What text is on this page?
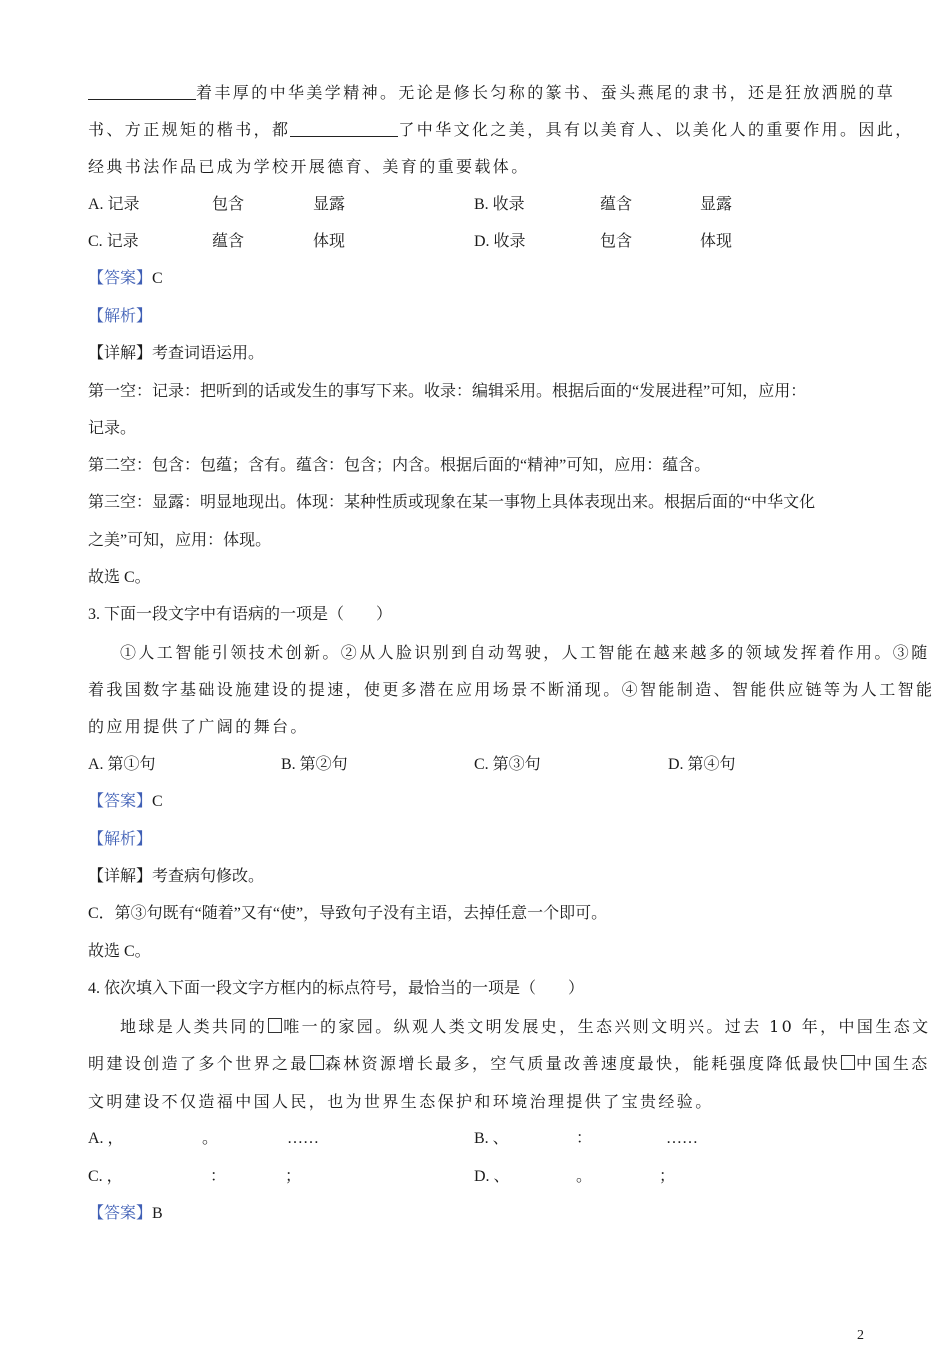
着丰厚的中华美学精神。无论是修长匀称的篆书、蚕头燕尾的隶书，还是狂放洒脱的草
书、方正规矩的楷书，都	了中华文化之美，具有以美育人、以美化人的重要作用。因此，
经典书法作品已成为学校开展德育、美育的重要载体。
A. 记录	包含	显露	B. 收录	蕴含	显露
C. 记录	蕴含	体现	D. 收录	包含	体现
【答案】C
【解析】
【详解】考查词语运用。
第一空：记录：把听到的话或发生的事写下来。收录：编辑采用。根据后面的“发展进程”可知，应用：
记录。
第二空：包含：包蕴；含有。蕴含：包含；内含。根据后面的“精神”可知，应用：蕴含。
第三空：显露：明显地现出。体现：某种性质或现象在某一事物上具体表现出来。根据后面的“中华文化
之美”可知，应用：体现。
故选 C。
3. 下面一段文字中有语病的一项是（　　）
①人工智能引领技术创新。②从人脸识别到自动驾驶，人工智能在越来越多的领域发挥着作用。③随
着我国数字基础设施建设的提速，使更多潜在应用场景不断涌现。④智能制造、智能供应链等为人工智能
的应用提供了广阔的舞台。
A. 第①句	B. 第②句	C. 第③句	D. 第④句
【答案】C
【解析】
【详解】考查病句修改。
C．第③句既有“随着”又有“使”，导致句子没有主语，去掉任意一个即可。
故选 C。
4. 依次填入下面一段文字方框内的标点符号，最恰当的一项是（　　）
地球是人类共同的 唯一的家园。纵观人类文明发展史，生态兴则文明兴。过去 10 年，中国生态文
明建设创造了多个世界之最 森林资源增长最多，空气质量改善速度最快，能耗强度降低最快 中国生态
文明建设不仅造福中国人民，也为世界生态保护和环境治理提供了宝贵经验。
A. ，	。	……	B. 、	：	……
C. ，	：	；	D. 、	。	；
【答案】B
2
